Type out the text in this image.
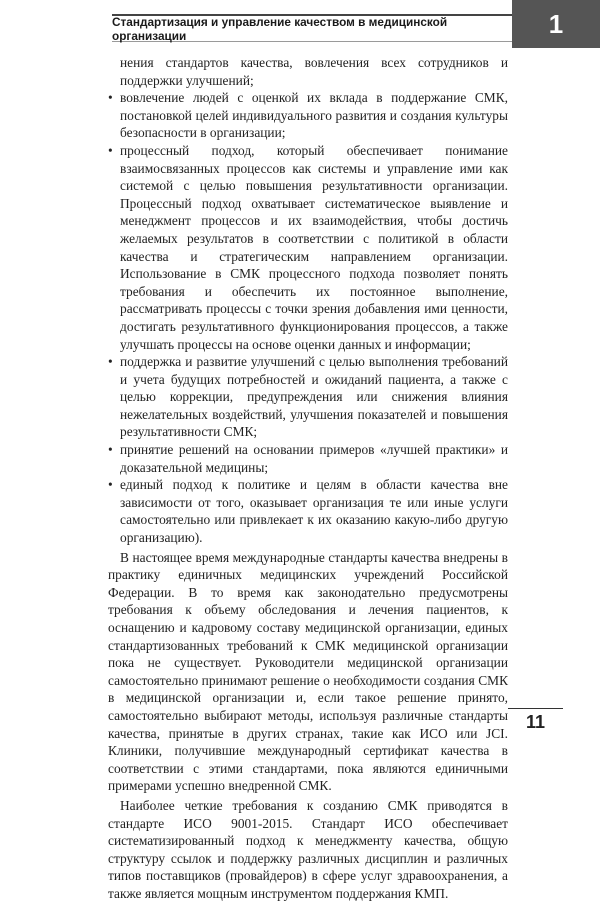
Стандартизация и управление качеством в медицинской организации	1
нения стандартов качества, вовлечения всех сотрудников и поддержки улучшений;
• вовлечение людей с оценкой их вклада в поддержание СМК, постановкой целей индивидуального развития и создания культуры безопасности в организации;
• процессный подход, который обеспечивает понимание взаимосвязанных процессов как системы и управление ими как системой с целью повышения результативности организации. Процессный подход охватывает систематическое выявление и менеджмент процессов и их взаимодействия, чтобы достичь желаемых результатов в соответствии с политикой в области качества и стратегическим направлением организации. Использование в СМК процессного подхода позволяет понять требования и обеспечить их постоянное выполнение, рассматривать процессы с точки зрения добавления ими ценности, достигать результативного функционирования процессов, а также улучшать процессы на основе оценки данных и информации;
• поддержка и развитие улучшений с целью выполнения требований и учета будущих потребностей и ожиданий пациента, а также с целью коррекции, предупреждения или снижения влияния нежелательных воздействий, улучшения показателей и повышения результативности СМК;
• принятие решений на основании примеров «лучшей практики» и доказательной медицины;
• единый подход к политике и целям в области качества вне зависимости от того, оказывает организация те или иные услуги самостоятельно или привлекает к их оказанию какую-либо другую организацию).

В настоящее время международные стандарты качества внедрены в практику единичных медицинских учреждений Российской Федерации. В то время как законодательно предусмотрены требования к объему обследования и лечения пациентов, к оснащению и кадровому составу медицинской организации, единых стандартизованных требований к СМК медицинской организации пока не существует. Руководители медицинской организации самостоятельно принимают решение о необходимости создания СМК в медицинской организации и, если такое решение принято, самостоятельно выбирают методы, используя различные стандарты качества, принятые в других странах, такие как ИСО или JCI. Клиники, получившие международный сертификат качества в соответствии с этими стандартами, пока являются единичными примерами успешно внедренной СМК.

Наиболее четкие требования к созданию СМК приводятся в стандарте ИСО 9001-2015. Стандарт ИСО обеспечивает систематизированный подход к менеджменту качества, общую структуру ссылок и поддержку различных дисциплин и различных типов поставщиков (провайдеров) в сфере услуг здравоохранения, а также является мощным инструментом поддержания КМП.

11
